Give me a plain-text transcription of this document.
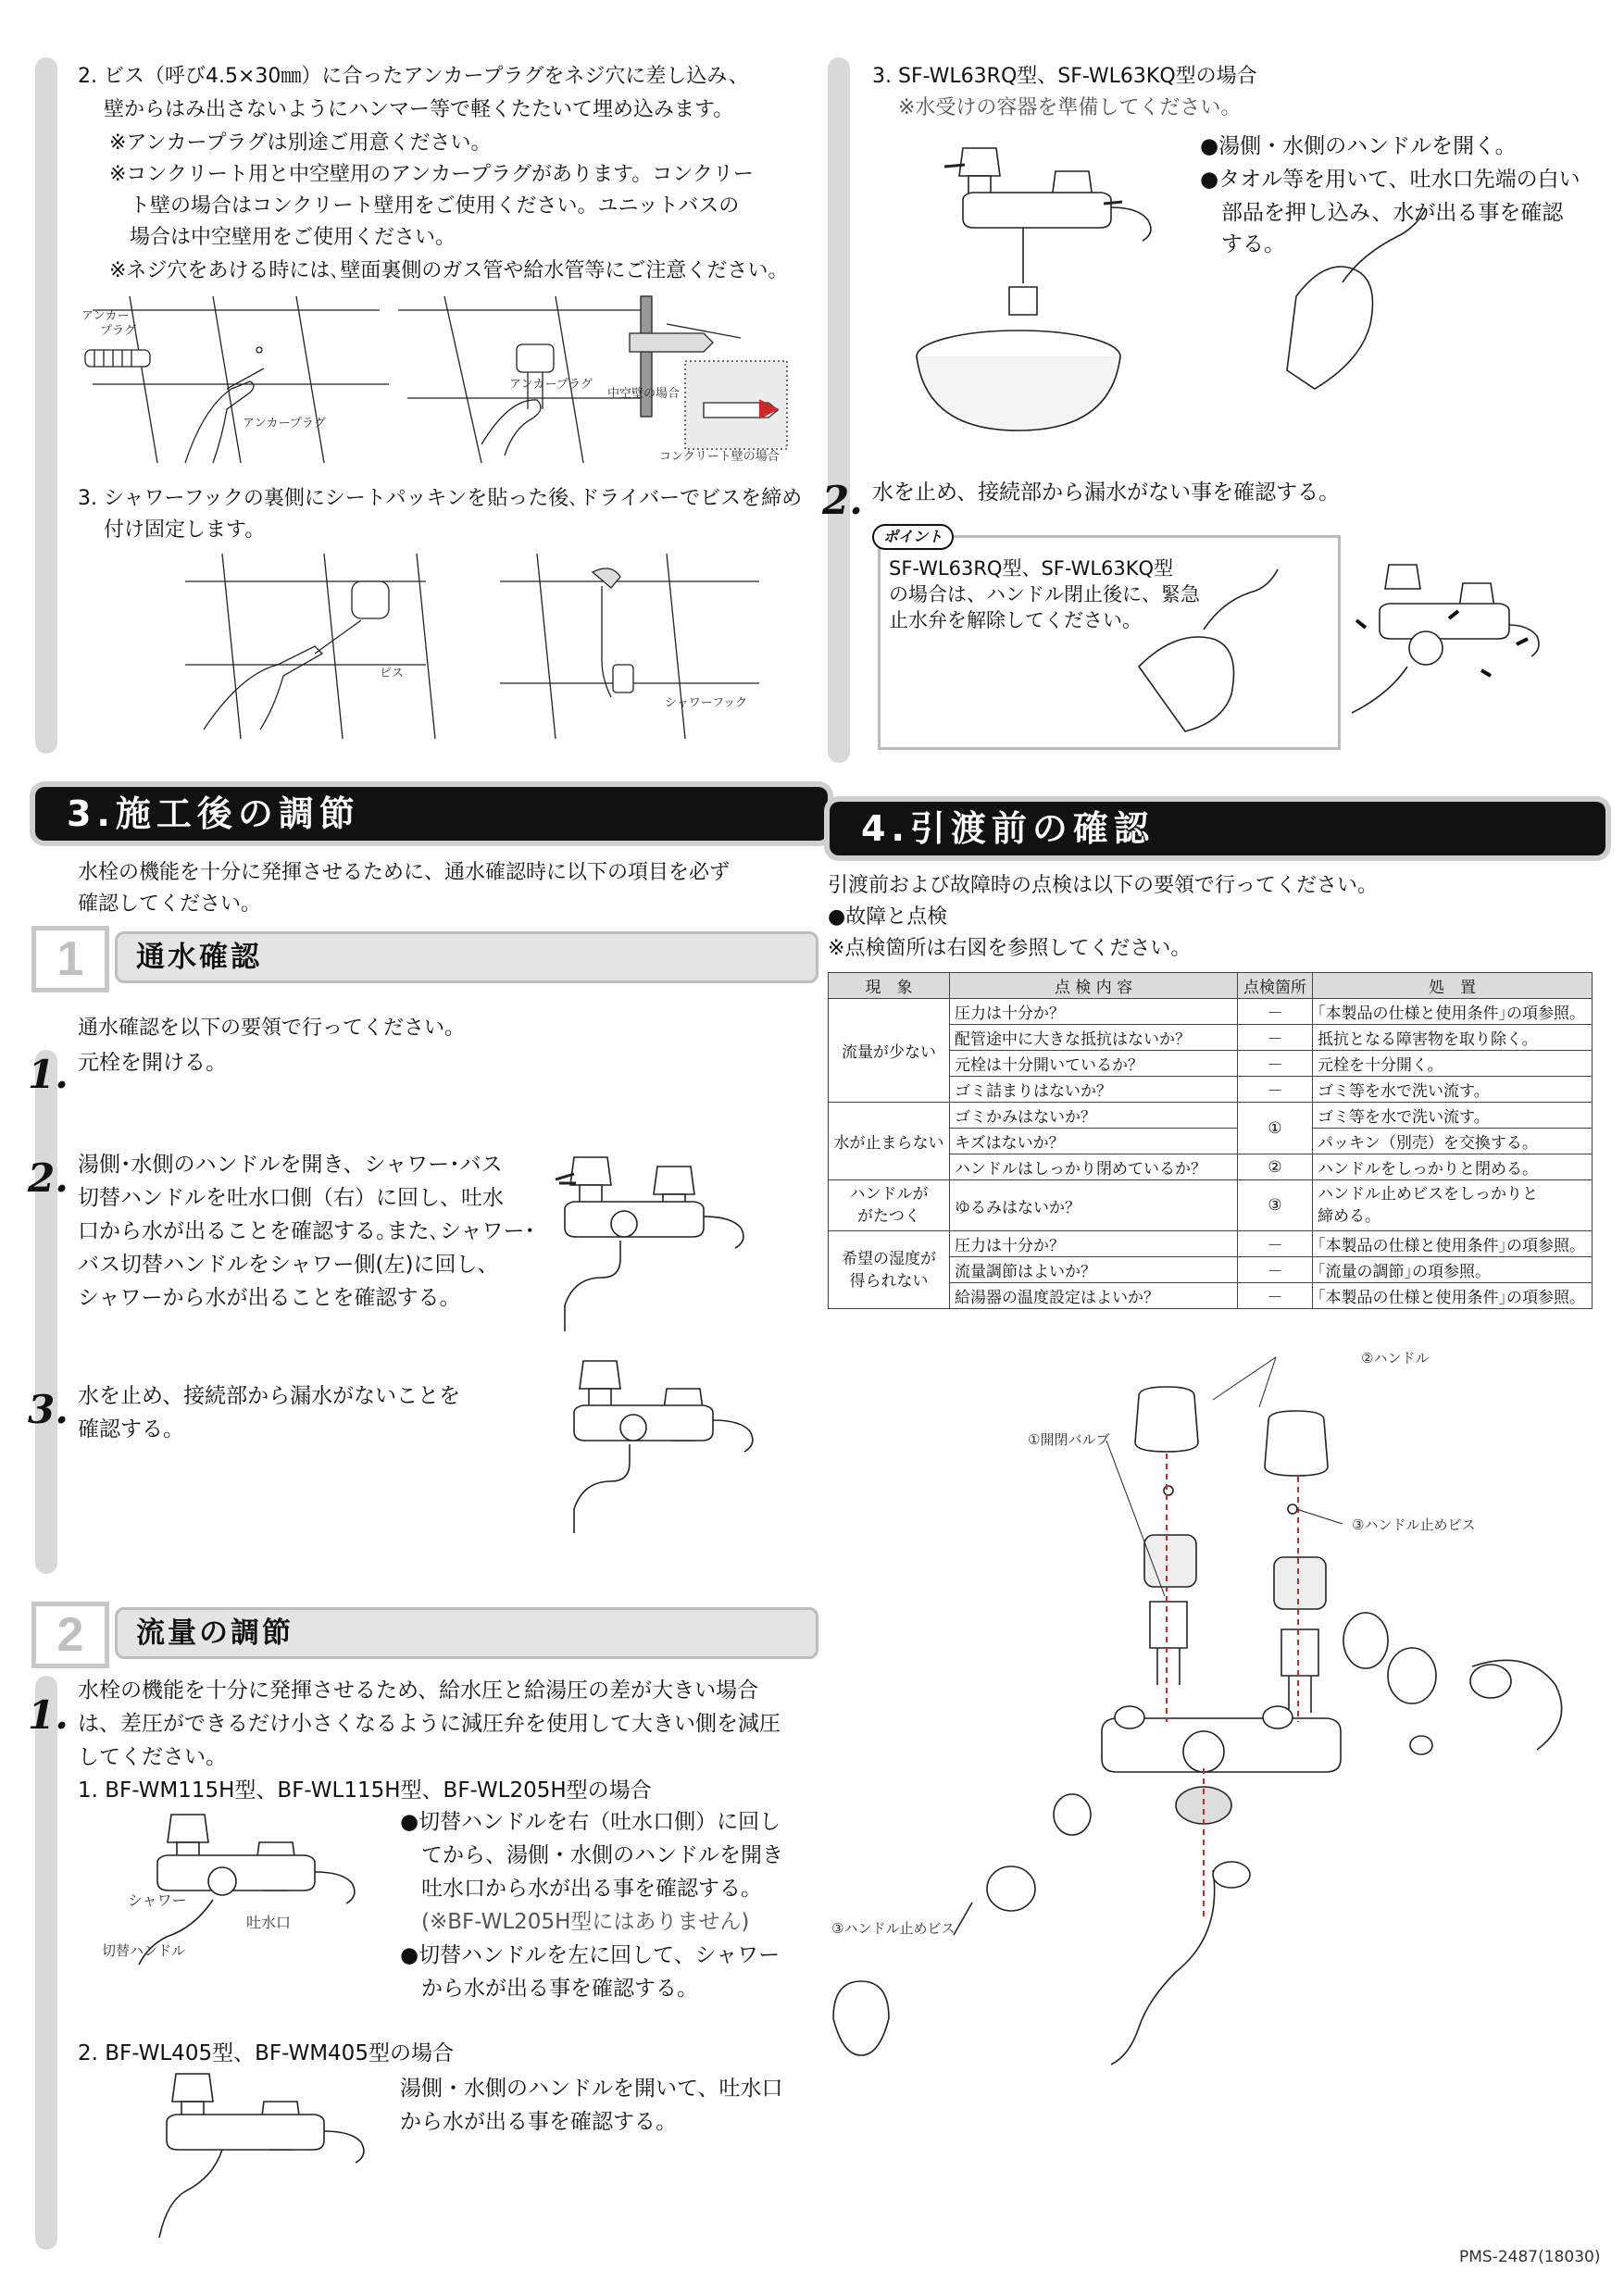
2. ビス（呼び4.5×30㎜）に合ったアンカープラグをネジ穴に差し込み、
壁からはみ出さないようにハンマー等で軽くたたいて埋め込みます。
※アンカープラグは別途ご用意ください。
※コンクリート用と中空壁用のアンカープラグがあります。コンクリー
ト壁の場合はコンクリート壁用をご使用ください。ユニットバスの
場合は中空壁用をご使用ください。
※ネジ穴をあける時には､壁面裏側のガス管や給水管等にご注意ください。
アンカー
プラグ
アンカープラグ
アンカープラグ
中空壁の場合
コンクリート壁の場合
3. シャワーフックの裏側にシートパッキンを貼った後､ドライバーでビスを締め
付け固定します。
ビス
シャワーフック
3.施工後の調節
水栓の機能を十分に発揮させるために、通水確認時に以下の項目を必ず
確認してください。
1	通水確認
通水確認を以下の要領で行ってください。
1. 元栓を開ける。
2. 湯側･水側のハンドルを開き、シャワー･バス
切替ハンドルを吐水口側（右）に回し、吐水
口から水が出ることを確認する｡また､シャワー･
バス切替ハンドルをシャワー側(左)に回し、
シャワーから水が出ることを確認する。
3. 水を止め、接続部から漏水がないことを
確認する。
2	流量の調節
1.
水栓の機能を十分に発揮させるため、給水圧と給湯圧の差が大きい場合
は、差圧ができるだけ小さくなるように減圧弁を使用して大きい側を減圧
してください。
1. BF-WM115H型、BF-WL115H型、BF-WL205H型の場合
シャワー
吐水口
切替ハンドル
●切替ハンドルを右（吐水口側）に回し
　てから、湯側・水側のハンドルを開き
　吐水口から水が出る事を確認する。
　(※BF-WL205H型にはありません)
●切替ハンドルを左に回して、シャワー
　から水が出る事を確認する。
2. BF-WL405型、BF-WM405型の場合
湯側・水側のハンドルを開いて、吐水口
から水が出る事を確認する。
3. SF-WL63RQ型、SF-WL63KQ型の場合
※水受けの容器を準備してください。
●湯側・水側のハンドルを開く。
●タオル等を用いて、吐水口先端の白い
　部品を押し込み、水が出る事を確認
　する。
2. 水を止め、接続部から漏水がない事を確認する。
ポイント
SF-WL63RQ型、SF-WL63KQ型
の場合は、ハンドル閉止後に、緊急
止水弁を解除してください。
4.引渡前の確認
引渡前および故障時の点検は以下の要領で行ってください。
●故障と点検
※点検箇所は右図を参照してください。
現　象	点 検 内 容	点検箇所	処　置
流量が少ない	圧力は十分か？	－	｢本製品の仕様と使用条件｣の項参照。
	配管途中に大きな抵抗はないか？	－	抵抗となる障害物を取り除く。
	元栓は十分開いているか？	－	元栓を十分開く。
	ゴミ詰まりはないか？	－	ゴミ等を水で洗い流す。
水が止まらない	ゴミかみはないか？	①	ゴミ等を水で洗い流す。
	キズはないか？		パッキン（別売）を交換する。
	ハンドルはしっかり閉めているか？	②	ハンドルをしっかりと閉める。
ハンドルが
がたつく	ゆるみはないか？	③	ハンドル止めビスをしっかりと
締める。
希望の湿度が
得られない	圧力は十分か？	－	｢本製品の仕様と使用条件｣の項参照。
	流量調節はよいか？	－	｢流量の調節｣の項参照。
	給湯器の温度設定はよいか？	－	｢本製品の仕様と使用条件｣の項参照。
②ハンドル
③ハンドル止めビス
①開閉バルブ
③ハンドル止めビス
PMS-2487(18030)
